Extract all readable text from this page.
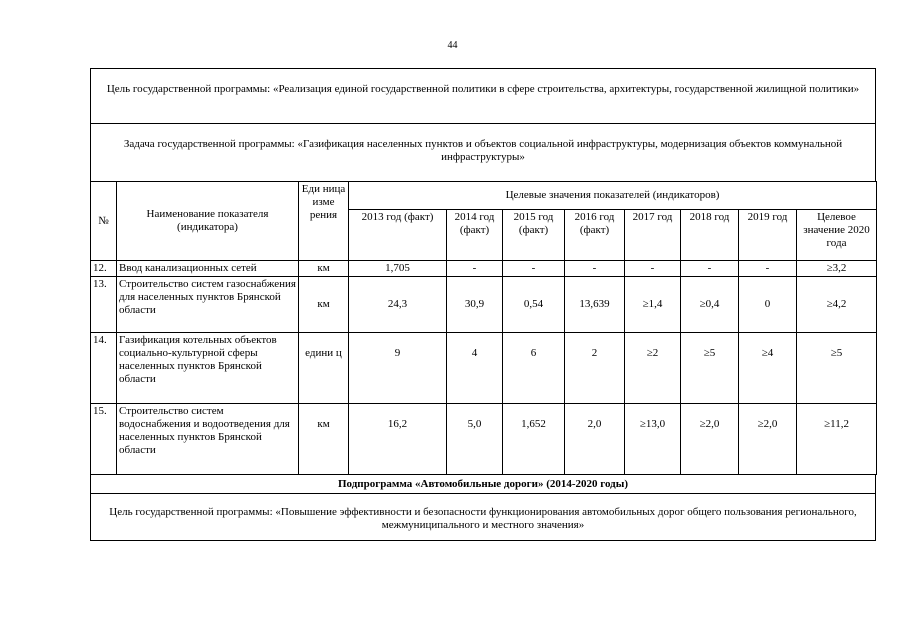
44
Цель государственной программы: «Реализация единой государственной политики в сфере строительства, архитектуры, государственной жилищной политики»
Задача государственной программы: «Газификация населенных пунктов и объектов социальной инфраструктуры, модернизация объектов коммунальной инфраструктуры»
№	Наименование показателя (индикатора)	Еди ница изме рения	Целевые значения показателей (индикаторов)							
			2013 год (факт)	2014 год (факт)	2015 год (факт)	2016 год (факт)	2017 год	2018 год	2019 год	Целевое значение 2020 года
12.	Ввод канализационных сетей	км	1,705	-	-	-	-	-	-	≥3,2
13.	Строительство систем газоснабжения для населенных пунктов Брянской области	км	24,3	30,9	0,54	13,639	≥1,4	≥0,4	0	≥4,2
14.	Газификация котельных объектов социально-культурной сферы населенных пунктов Брянской области	едини ц	9	4	6	2	≥2	≥5	≥4	≥5
15.	Строительство систем водоснабжения и водоотведения для населенных пунктов Брянской области	км	16,2	5,0	1,652	2,0	≥13,0	≥2,0	≥2,0	≥11,2
Подпрограмма «Автомобильные дороги» (2014-2020 годы)
Цель государственной программы: «Повышение эффективности и безопасности функционирования автомобильных дорог общего пользования регионального, межмуниципального и местного значения»
